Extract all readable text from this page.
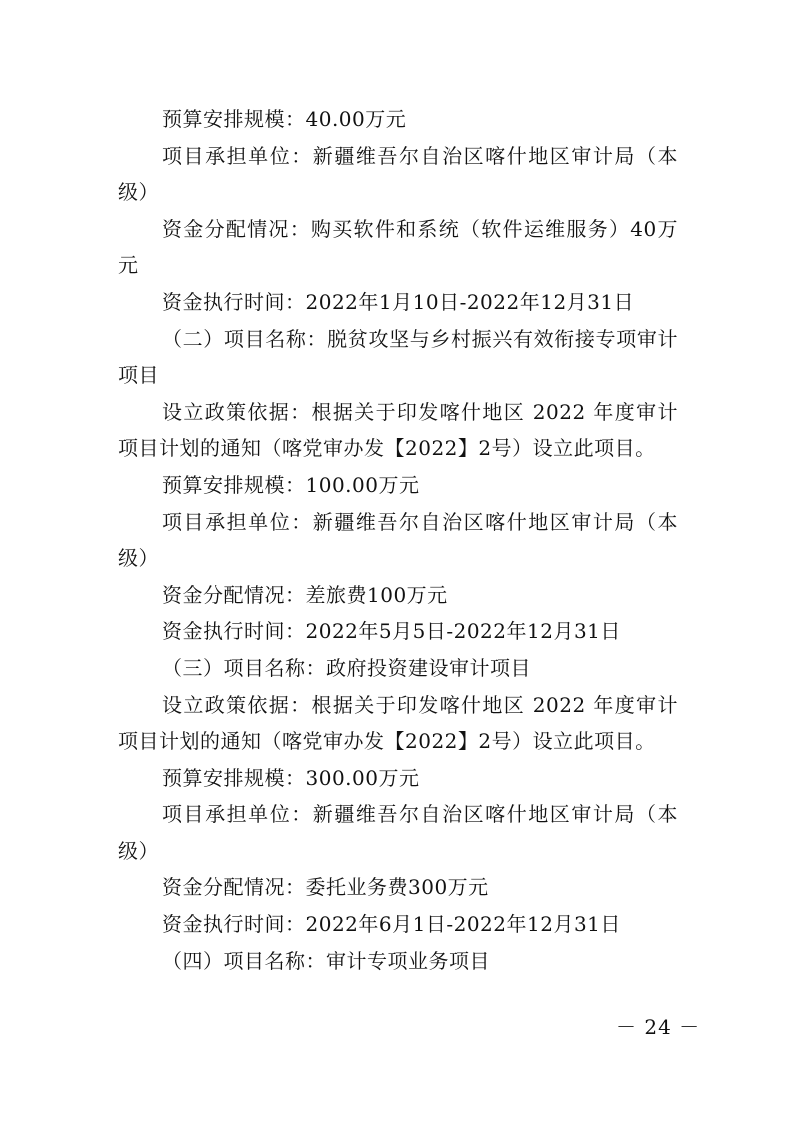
预算安排规模：40.00万元

项目承担单位：新疆维吾尔自治区喀什地区审计局（本级）

资金分配情况：购买软件和系统（软件运维服务）40万元

资金执行时间：2022年1月10日-2022年12月31日

（二）项目名称：脱贫攻坚与乡村振兴有效衔接专项审计项目

设立政策依据：根据关于印发喀什地区 2022 年度审计项目计划的通知（喀党审办发【2022】2号）设立此项目。

预算安排规模：100.00万元

项目承担单位：新疆维吾尔自治区喀什地区审计局（本级）

资金分配情况：差旅费100万元

资金执行时间：2022年5月5日-2022年12月31日

（三）项目名称：政府投资建设审计项目

设立政策依据：根据关于印发喀什地区 2022 年度审计项目计划的通知（喀党审办发【2022】2号）设立此项目。

预算安排规模：300.00万元

项目承担单位：新疆维吾尔自治区喀什地区审计局（本级）

资金分配情况：委托业务费300万元

资金执行时间：2022年6月1日-2022年12月31日

（四）项目名称：审计专项业务项目

－ 24 －
